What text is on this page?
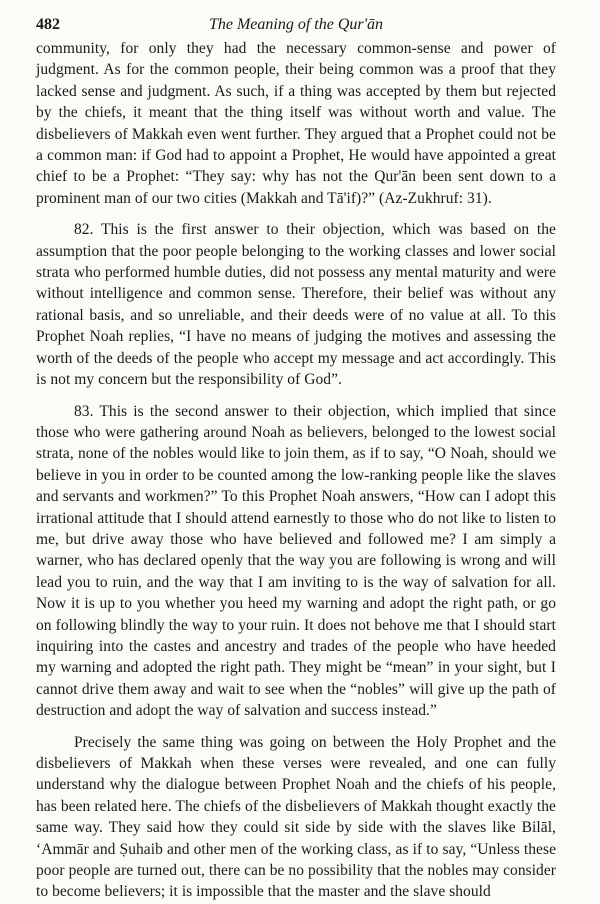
482	The Meaning of the Qur'ān

community, for only they had the necessary common-sense and power of judgment. As for the common people, their being common was a proof that they lacked sense and judgment. As such, if a thing was accepted by them but rejected by the chiefs, it meant that the thing itself was without worth and value. The disbelievers of Makkah even went further. They argued that a Prophet could not be a common man: if God had to appoint a Prophet, He would have appointed a great chief to be a Prophet: “They say: why has not the Qur'ān been sent down to a prominent man of our two cities (Makkah and Tā'if)?” (Az-Zukhruf: 31).

82. This is the first answer to their objection, which was based on the assumption that the poor people belonging to the working classes and lower social strata who performed humble duties, did not possess any mental maturity and were without intelligence and common sense. Therefore, their belief was without any rational basis, and so unreliable, and their deeds were of no value at all. To this Prophet Noah replies, “I have no means of judging the motives and assessing the worth of the deeds of the people who accept my message and act accordingly. This is not my concern but the responsibility of God”.

83. This is the second answer to their objection, which implied that since those who were gathering around Noah as believers, belonged to the lowest social strata, none of the nobles would like to join them, as if to say, “O Noah, should we believe in you in order to be counted among the low-ranking people like the slaves and servants and workmen?” To this Prophet Noah answers, “How can I adopt this irrational attitude that I should attend earnestly to those who do not like to listen to me, but drive away those who have believed and followed me? I am simply a warner, who has declared openly that the way you are following is wrong and will lead you to ruin, and the way that I am inviting to is the way of salvation for all. Now it is up to you whether you heed my warning and adopt the right path, or go on following blindly the way to your ruin. It does not behove me that I should start inquiring into the castes and ancestry and trades of the people who have heeded my warning and adopted the right path. They might be “mean” in your sight, but I cannot drive them away and wait to see when the “nobles” will give up the path of destruction and adopt the way of salvation and success instead.”

Precisely the same thing was going on between the Holy Prophet and the disbelievers of Makkah when these verses were revealed, and one can fully understand why the dialogue between Prophet Noah and the chiefs of his people, has been related here. The chiefs of the disbelievers of Makkah thought exactly the same way. They said how they could sit side by side with the slaves like Bilāl, ‘Ammār and Ṣuhaib and other men of the working class, as if to say, “Unless these poor people are turned out, there can be no possibility that the nobles may consider to become believers; it is impossible that the master and the slave should
